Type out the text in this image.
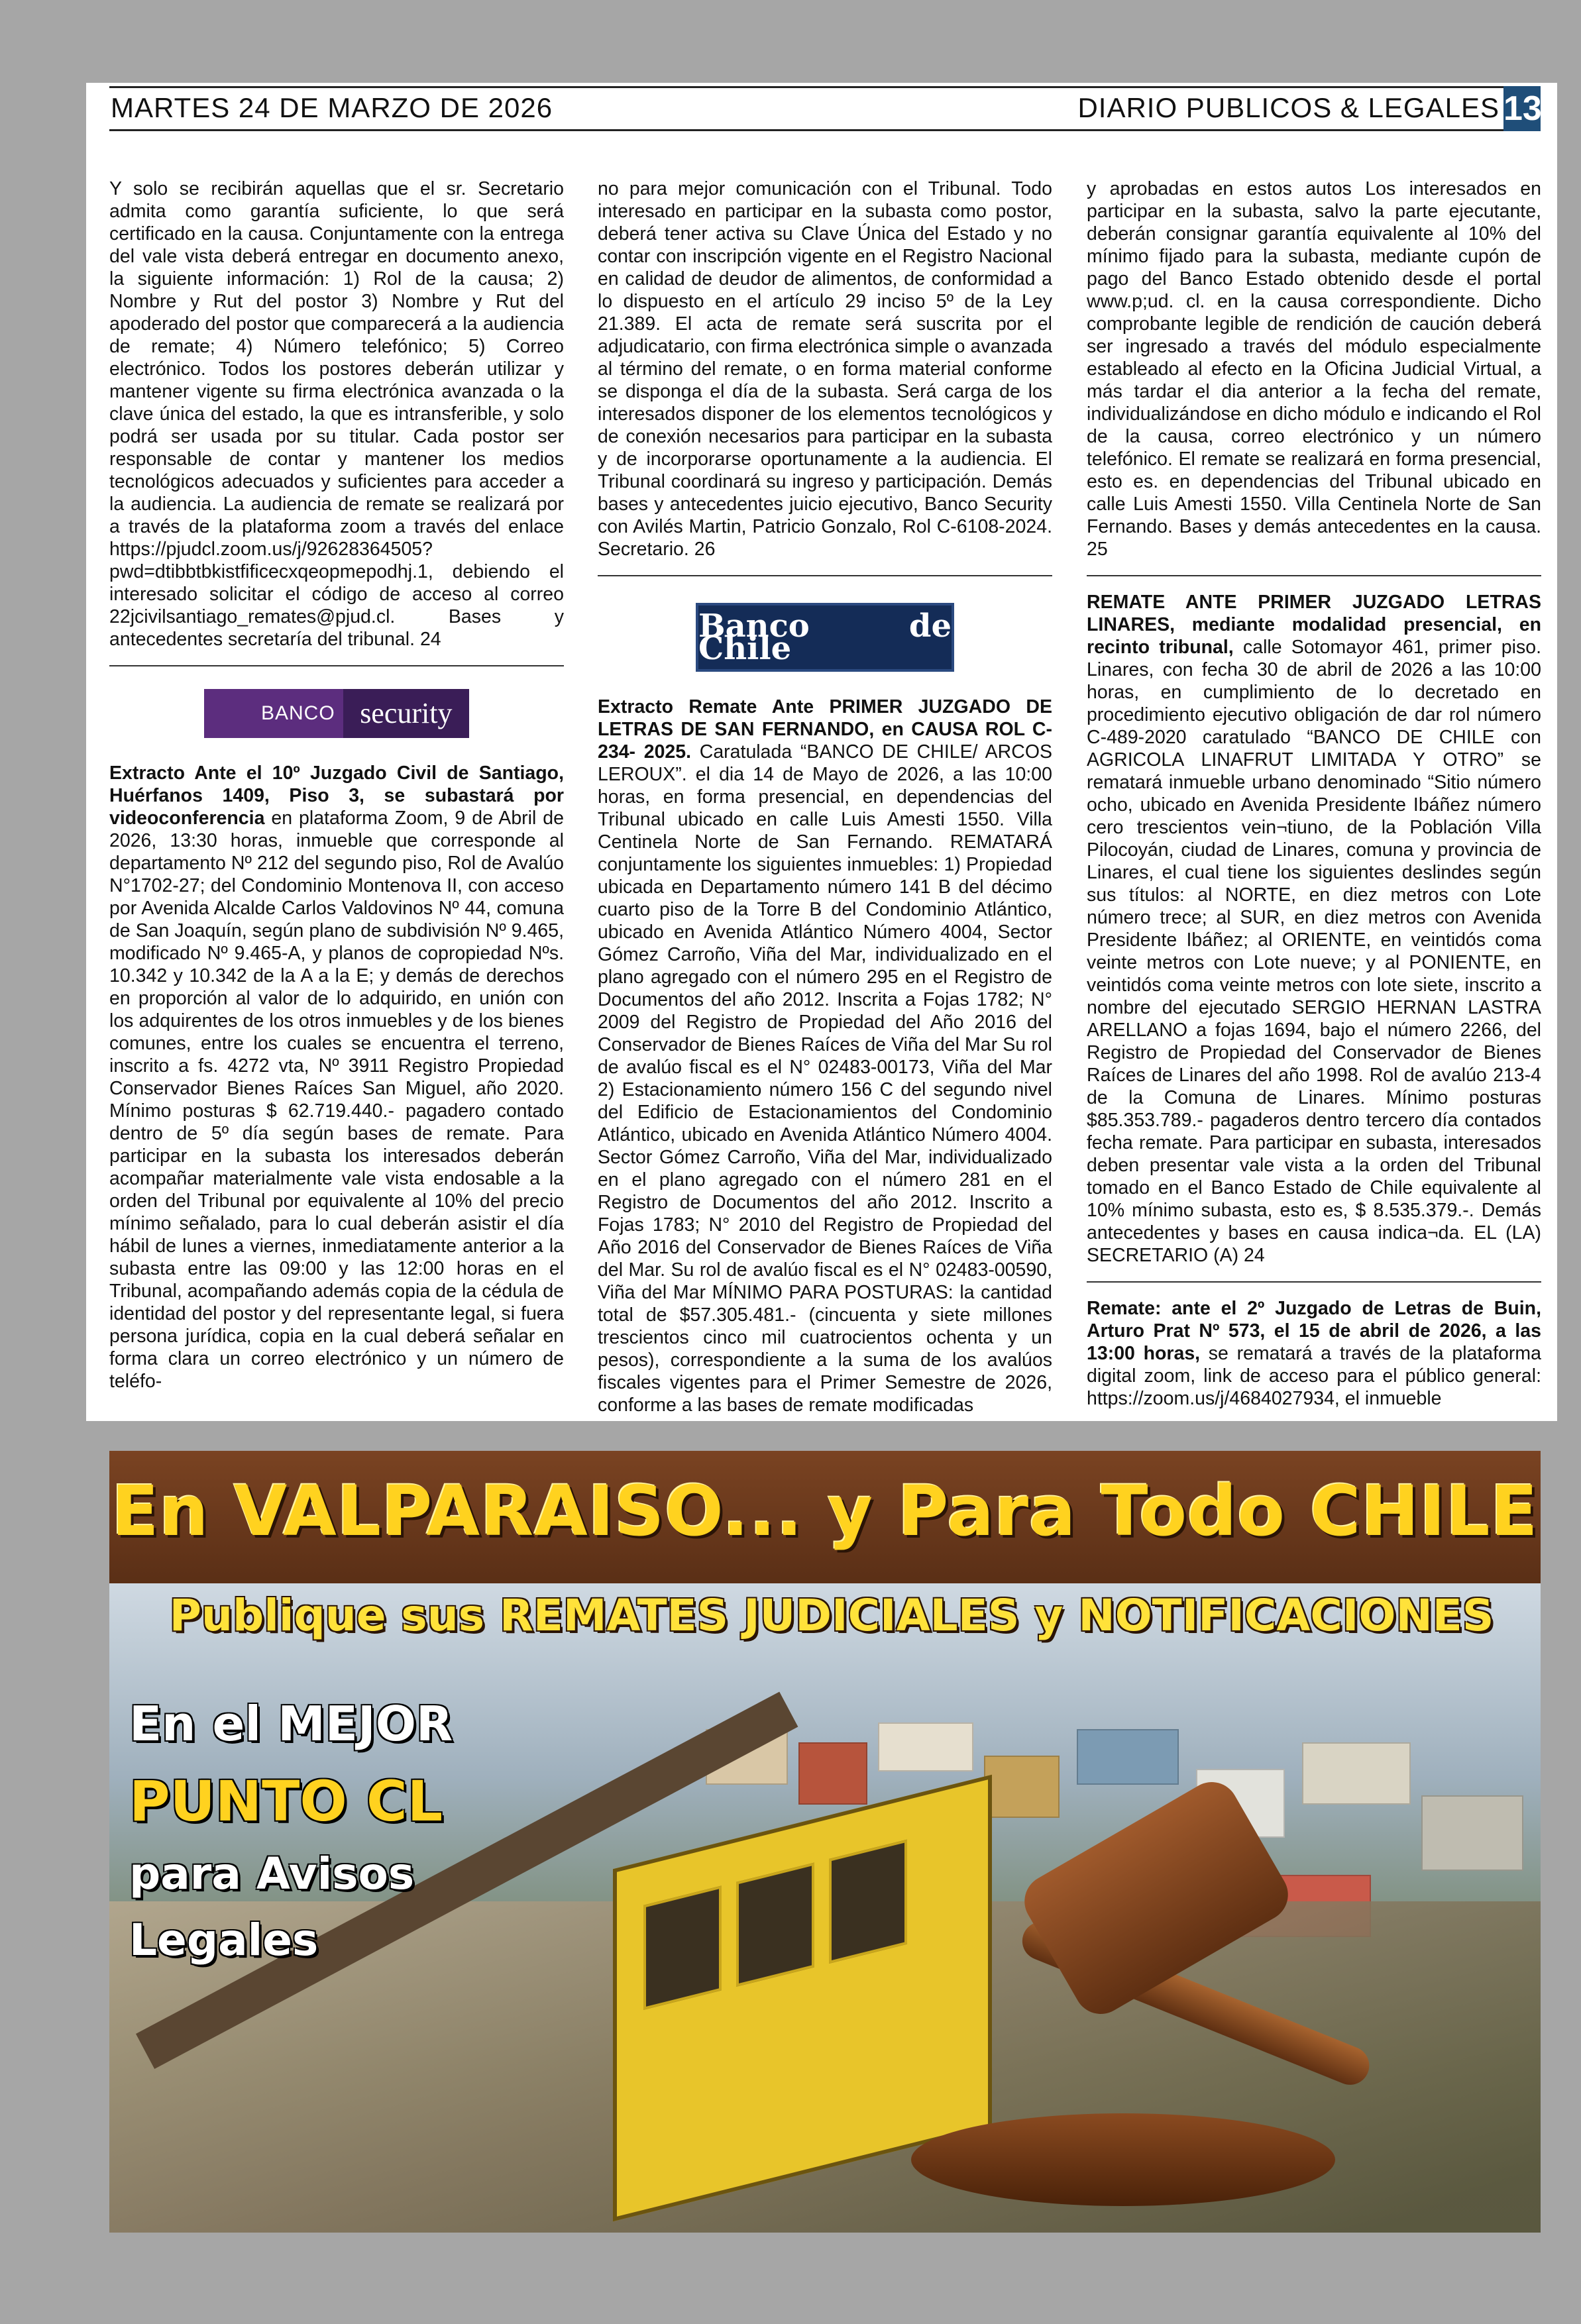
MARTES 24 DE MARZO DE 2026	DIARIO PUBLICOS & LEGALES 13

Y solo se recibirán aquellas que el sr. Secretario admita como garantía suficiente, lo que será certificado en la causa. Conjuntamente con la entrega del vale vista deberá entregar en documento anexo, la siguiente información: 1) Rol de la causa; 2) Nombre y Rut del postor 3) Nombre y Rut del apoderado del postor que comparecerá a la audiencia de remate; 4) Número telefónico; 5) Correo electrónico. Todos los postores deberán utilizar y mantener vigente su firma electrónica avanzada o la clave única del estado, la que es intransferible, y solo podrá ser usada por su titular. Cada postor ser responsable de contar y mantener los medios tecnológicos adecuados y suficientes para acceder a la audiencia. La audiencia de remate se realizará por a través de la plataforma zoom a través del enlace https://pjudcl.zoom.us/j/92628364505?pwd=dtibbtbkistfificecxqeopmepodhj.1, debiendo el interesado solicitar el código de acceso al correo 22jcivilsantiago_remates@pjud.cl. Bases y antecedentes secretaría del tribunal. 24

BANCO security

Extracto Ante el 10º Juzgado Civil de Santiago, Huérfanos 1409, Piso 3, se subastará por videoconferencia en plataforma Zoom, 9 de Abril de 2026, 13:30 horas, inmueble que corresponde al departamento Nº 212 del segundo piso, Rol de Avalúo N°1702-27; del Condominio Montenova II, con acceso por Avenida Alcalde Carlos Valdovinos Nº 44, comuna de San Joaquín, según plano de subdivisión Nº 9.465, modificado Nº 9.465-A, y planos de copropiedad Nºs. 10.342 y 10.342 de la A a la E; y demás de derechos en proporción al valor de lo adquirido, en unión con los adquirentes de los otros inmuebles y de los bienes comunes, entre los cuales se encuentra el terreno, inscrito a fs. 4272 vta, Nº 3911 Registro Propiedad Conservador Bienes Raíces San Miguel, año 2020. Mínimo posturas $ 62.719.440.- pagadero contado dentro de 5º día según bases de remate. Para participar en la subasta los interesados deberán acompañar materialmente vale vista endosable a la orden del Tribunal por equivalente al 10% del precio mínimo señalado, para lo cual deberán asistir el día hábil de lunes a viernes, inmediatamente anterior a la subasta entre las 09:00 y las 12:00 horas en el Tribunal, acompañando además copia de la cédula de identidad del postor y del representante legal, si fuera persona jurídica, copia en la cual deberá señalar en forma clara un correo electrónico y un número de teléfo-

no para mejor comunicación con el Tribunal. Todo interesado en participar en la subasta como postor, deberá tener activa su Clave Única del Estado y no contar con inscripción vigente en el Registro Nacional en calidad de deudor de alimentos, de conformidad a lo dispuesto en el artículo 29 inciso 5º de la Ley 21.389. El acta de remate será suscrita por el adjudicatario, con firma electrónica simple o avanzada al término del remate, o en forma material conforme se disponga el día de la subasta. Será carga de los interesados disponer de los elementos tecnológicos y de conexión necesarios para participar en la subasta y de incorporarse oportunamente a la audiencia. El Tribunal coordinará su ingreso y participación. Demás bases y antecedentes juicio ejecutivo, Banco Security con Avilés Martin, Patricio Gonzalo, Rol C-6108-2024. Secretario. 26

Banco de Chile

Extracto Remate Ante PRIMER JUZGADO DE LETRAS DE SAN FERNANDO, en CAUSA ROL C-234- 2025. Caratulada “BANCO DE CHILE/ ARCOS LEROUX”. el dia 14 de Mayo de 2026, a las 10:00 horas, en forma presencial, en dependencias del Tribunal ubicado en calle Luis Amesti 1550. Villa Centinela Norte de San Fernando. REMATARÁ conjuntamente los siguientes inmuebles: 1) Propiedad ubicada en Departamento número 141 B del décimo cuarto piso de la Torre B del Condominio Atlántico, ubicado en Avenida Atlántico Número 4004, Sector Gómez Carroño, Viña del Mar, individualizado en el plano agregado con el número 295 en el Registro de Documentos del año 2012. Inscrita a Fojas 1782; N° 2009 del Registro de Propiedad del Año 2016 del Conservador de Bienes Raíces de Viña del Mar Su rol de avalúo fiscal es el N° 02483-00173, Viña del Mar 2) Estacionamiento número 156 C del segundo nivel del Edificio de Estacionamientos del Condominio Atlántico, ubicado en Avenida Atlántico Número 4004. Sector Gómez Carroño, Viña del Mar, individualizado en el plano agregado con el número 281 en el Registro de Documentos del año 2012. Inscrito a Fojas 1783; N° 2010 del Registro de Propiedad del Año 2016 del Conservador de Bienes Raíces de Viña del Mar. Su rol de avalúo fiscal es el N° 02483-00590, Viña del Mar MÍNIMO PARA POSTURAS: la cantidad total de $57.305.481.- (cincuenta y siete millones trescientos cinco mil cuatrocientos ochenta y un pesos), correspondiente a la suma de los avalúos fiscales vigentes para el Primer Semestre de 2026, conforme a las bases de remate modificadas

y aprobadas en estos autos Los interesados en participar en la subasta, salvo la parte ejecutante, deberán consignar garantía equivalente al 10% del mínimo fijado para la subasta, mediante cupón de pago del Banco Estado obtenido desde el portal www.p;ud. cl. en la causa correspondiente. Dicho comprobante legible de rendición de caución deberá ser ingresado a través del módulo especialmente estableado al efecto en la Oficina Judicial Virtual, a más tardar el dia anterior a la fecha del remate, individualizándose en dicho módulo e indicando el Rol de la causa, correo electrónico y un número telefónico. El remate se realizará en forma presencial, esto es. en dependencias del Tribunal ubicado en calle Luis Amesti 1550. Villa Centinela Norte de San Fernando. Bases y demás antecedentes en la causa. 25

REMATE ANTE PRIMER JUZGADO LETRAS LINARES, mediante modalidad presencial, en recinto tribunal, calle Sotomayor 461, primer piso. Linares, con fecha 30 de abril de 2026 a las 10:00 horas, en cumplimiento de lo decretado en procedimiento ejecutivo obligación de dar rol número C-489-2020 caratulado “BANCO DE CHILE con AGRICOLA LINAFRUT LIMITADA Y OTRO” se rematará inmueble urbano denominado “Sitio número ocho, ubicado en Avenida Presidente Ibáñez número cero trescientos vein¬tiuno, de la Población Villa Pilocoyán, ciudad de Linares, comuna y provincia de Linares, el cual tiene los siguientes deslindes según sus títulos: al NORTE, en diez metros con Lote número trece; al SUR, en diez metros con Avenida Presidente Ibáñez; al ORIENTE, en veintidós coma veinte metros con Lote nueve; y al PONIENTE, en veintidós coma veinte metros con lote siete, inscrito a nombre del ejecutado SERGIO HERNAN LASTRA ARELLANO a fojas 1694, bajo el número 2266, del Registro de Propiedad del Conservador de Bienes Raíces de Linares del año 1998. Rol de avalúo 213-4 de la Comuna de Linares. Mínimo posturas $85.353.789.- pagaderos dentro tercero día contados fecha remate. Para participar en subasta, interesados deben presentar vale vista a la orden del Tribunal tomado en el Banco Estado de Chile equivalente al 10% mínimo subasta, esto es, $ 8.535.379.-. Demás antecedentes y bases en causa indica¬da. EL (LA) SECRETARIO (A) 24

Remate: ante el 2º Juzgado de Letras de Buin, Arturo Prat Nº 573, el 15 de abril de 2026, a las 13:00 horas, se rematará a través de la plataforma digital zoom, link de acceso para el público general: https://zoom.us/j/4684027934, el inmueble

En VALPARAISO... y Para Todo CHILE
Publique sus REMATES JUDICIALES y NOTIFICACIONES
En el MEJOR
PUNTO CL
para Avisos
Legales
